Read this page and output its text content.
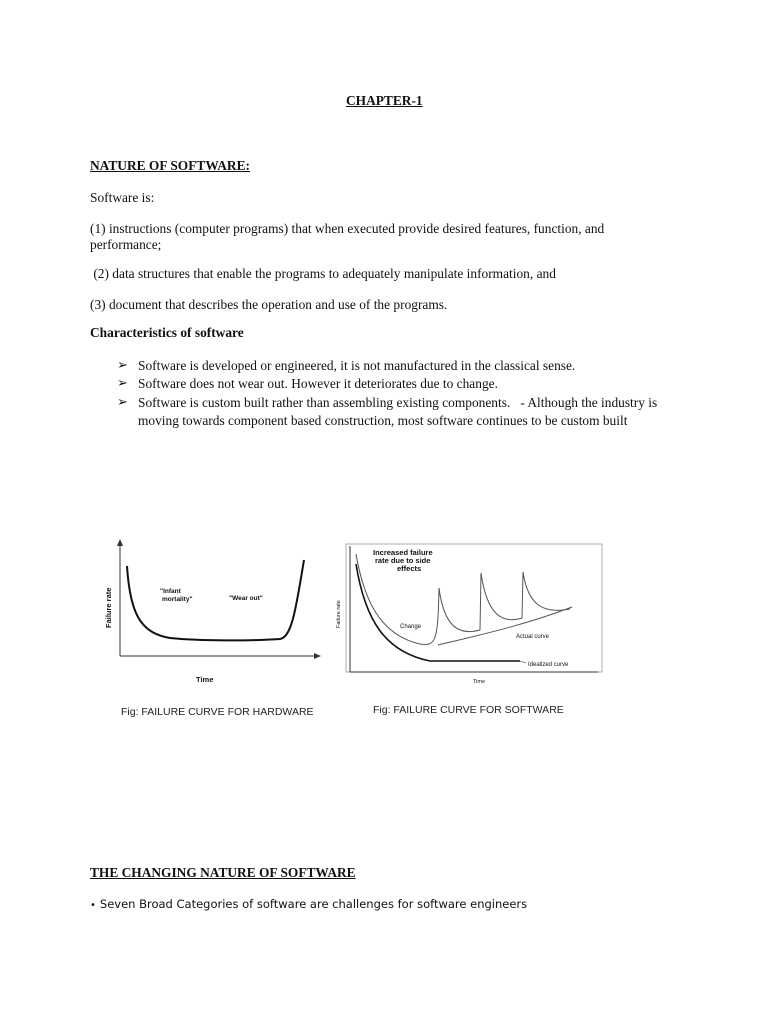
CHAPTER-1
NATURE OF SOFTWARE:
Software is:
(1) instructions (computer programs) that when executed provide desired features, function, and
performance;
(2) data structures that enable the programs to adequately manipulate information, and
(3) document that describes the operation and use of the programs.
Characteristics of software
➢ Software is developed or engineered, it is not manufactured in the classical sense.
➢ Software does not wear out. However it deteriorates due to change.
➢ Software is custom built rather than assembling existing components.   - Although the industry is
moving towards component based construction, most software continues to be custom built
Failure rate
Time
"Infant
mortality"	"Wear out"
Fig: FAILURE CURVE FOR HARDWARE
Failure rate
Time
Increased failure
rate due to side
effects
Change
Actual curve
Idealized curve
Fig: FAILURE CURVE FOR SOFTWARE
THE CHANGING NATURE OF SOFTWARE
• Seven Broad Categories of software are challenges for software engineers
